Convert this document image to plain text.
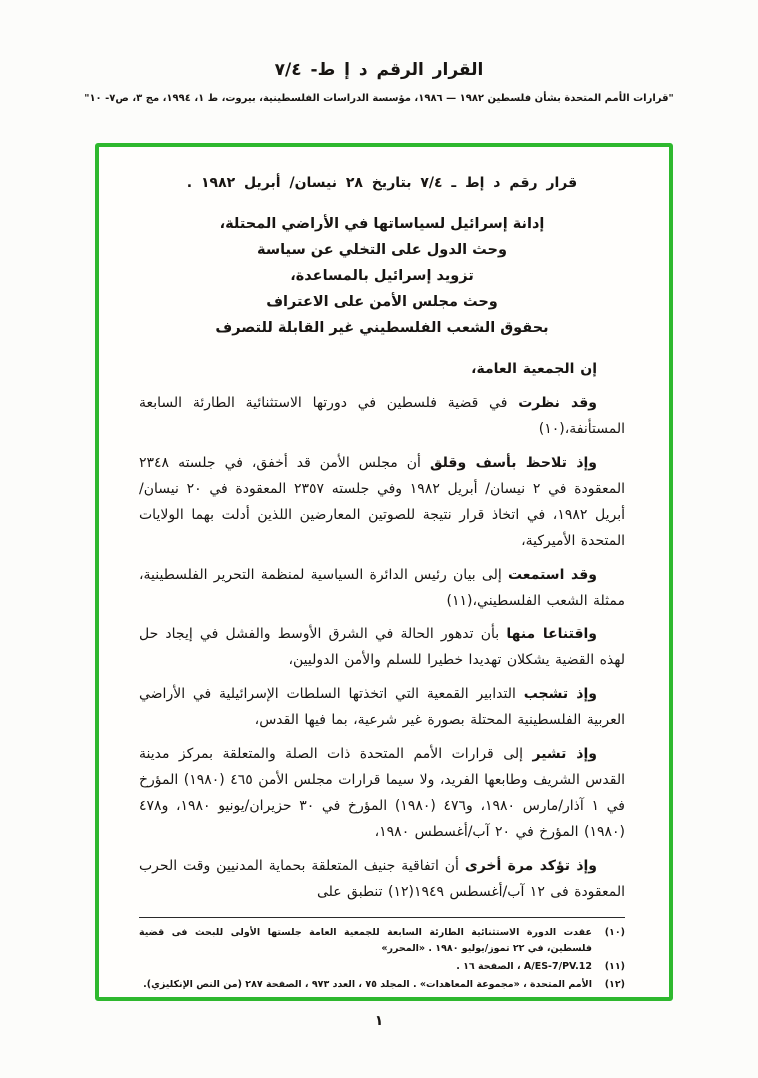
القرار الرقم د إ ط- ٧/٤
"قرارات الأمم المتحدة بشأن فلسطين ١٩٨٢ — ١٩٨٦، مؤسسة الدراسات الفلسطينية، بيروت، ط ١، ١٩٩٤، مج ٣، ص٧- ١٠"
قرار رقم د إط ـ ٧/٤ بتاريخ ٢٨ نيسان/ أبريل ١٩٨٢ .
إدانة إسرائيل لسياساتها في الأراضي المحتلة،
وحث الدول على التخلي عن سياسة
تزويد إسرائيل بالمساعدة،
وحث مجلس الأمن على الاعتراف
بحقوق الشعب الفلسطيني غير القابلة للتصرف

إن الجمعية العامة،

وقد نظرت في قضية فلسطين في دورتها الاستثنائية الطارئة السابعة المستأنفة،(١٠)

وإذ تلاحظ بأسف وقلق أن مجلس الأمن قد أخفق، في جلسته ٢٣٤٨ المعقودة في ٢ نيسان/ أبريل ١٩٨٢ وفي جلسته ٢٣٥٧ المعقودة في ٢٠ نيسان/ أبريل ١٩٨٢، في اتخاذ قرار نتيجة للصوتين المعارضين اللذين أدلت بهما الولايات المتحدة الأميركية،

وقد استمعت إلى بيان رئيس الدائرة السياسية لمنظمة التحرير الفلسطينية، ممثلة الشعب الفلسطيني،(١١)

واقتناعا منها بأن تدهور الحالة في الشرق الأوسط والفشل في إيجاد حل لهذه القضية يشكلان تهديدا خطيرا للسلم والأمن الدوليين،

وإذ تشجب التدابير القمعية التي اتخذتها السلطات الإسرائيلية في الأراضي العربية الفلسطينية المحتلة بصورة غير شرعية، بما فيها القدس،

وإذ تشير إلى قرارات الأمم المتحدة ذات الصلة والمتعلقة بمركز مدينة القدس الشريف وطابعها الفريد، ولا سيما قرارات مجلس الأمن ٤٦٥ (١٩٨٠) المؤرخ في ١ آذار/مارس ١٩٨٠، و٤٧٦ (١٩٨٠) المؤرخ في ٣٠ حزيران/يونيو ١٩٨٠، و٤٧٨ (١٩٨٠) المؤرخ في ٢٠ آب/أغسطس ١٩٨٠،

وإذ تؤكد مرة أخرى أن اتفاقية جنيف المتعلقة بحماية المدنيين وقت الحرب المعقودة فى ١٢ آب/أغسطس ١٩٤٩(١٢) تنطبق على

(١٠)
عقدت الدورة الاستثنائية الطارئة السابعة للجمعية العامة جلستها الأولى للبحث فى قضية فلسطين، في ٢٢ تموز/يوليو ١٩٨٠ . «المحرر»
(١١)
A/ES-7/PV.12 ، الصفحة ١٦ .
(١٢)
الأمم المتحدة ، «مجموعة المعاهدات» . المجلد ٧٥ ، العدد ٩٧٣ ، الصفحة ٢٨٧ (من النص الإنكليزي).
١
